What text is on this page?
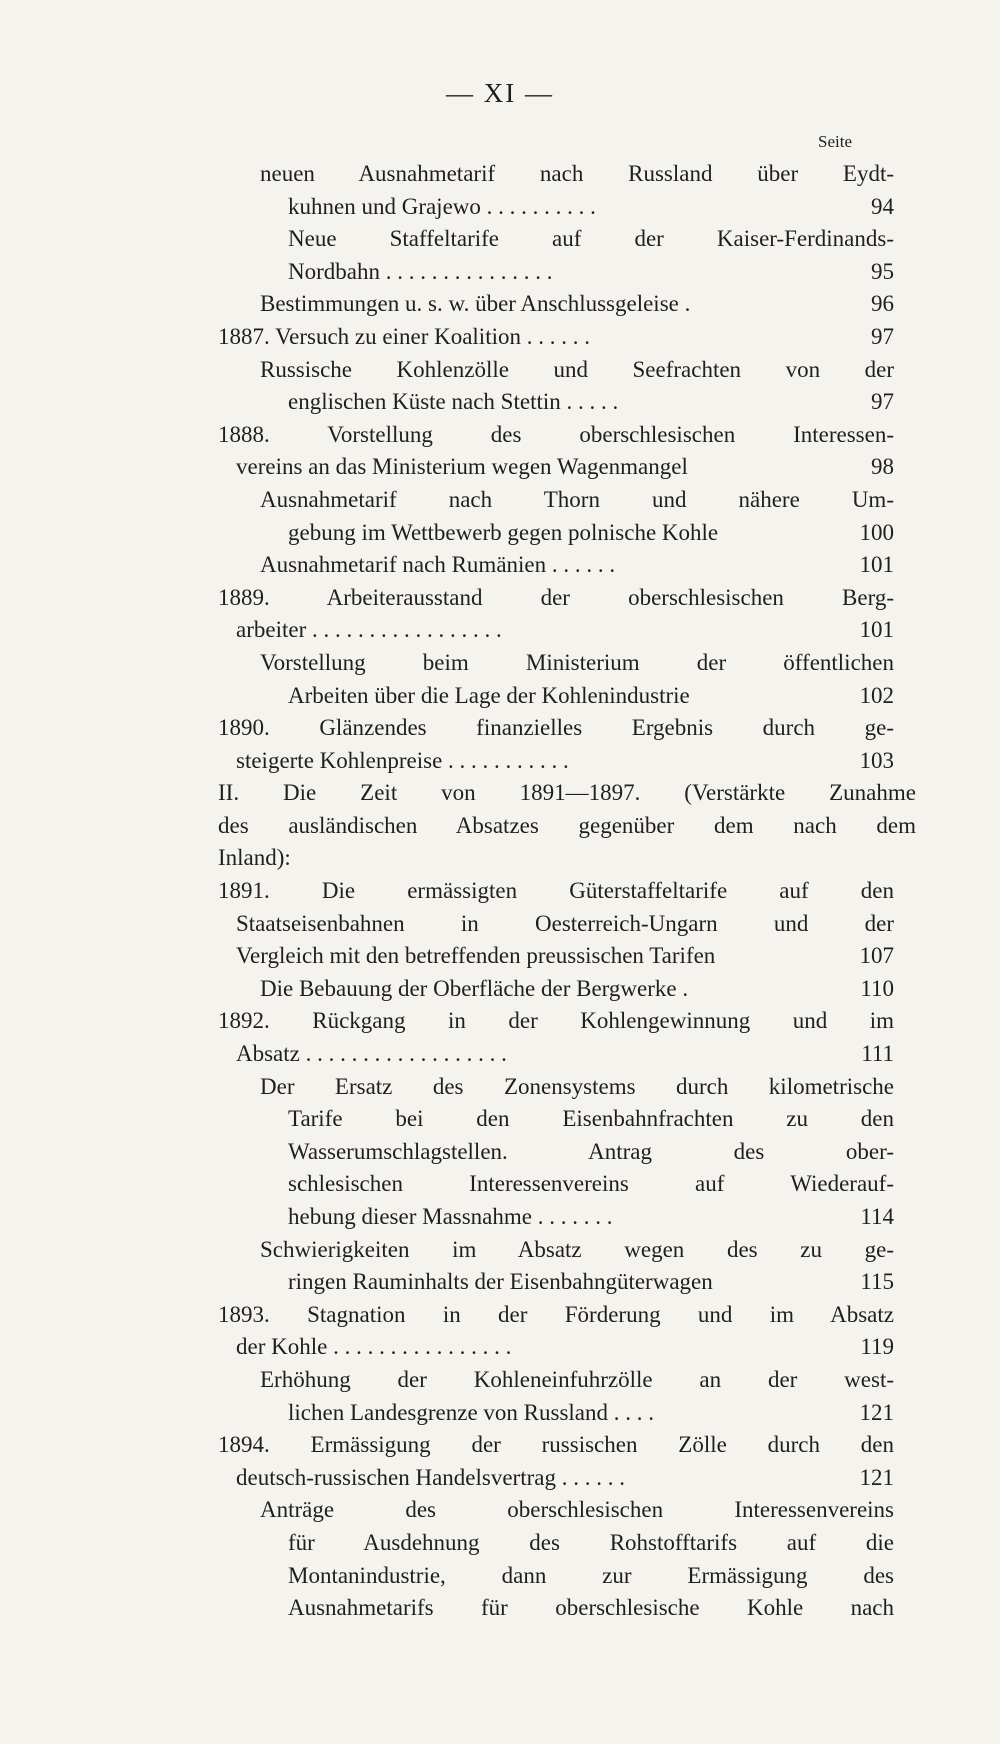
— XI —
Seite
neuen Ausnahmetarif nach Russland über Eydt-
kuhnen und Grajewo . . . . . . . . . .	94
Neue Staffeltarife auf der Kaiser-Ferdinands-
Nordbahn . . . . . . . . . . . . . . .	95
Bestimmungen u. s. w. über Anschlussgeleise .	96
1887. Versuch zu einer Koalition . . . . . .	97
Russische Kohlenzölle und Seefrachten von der
englischen Küste nach Stettin . . . . .	97
1888. Vorstellung des oberschlesischen Interessen-
vereins an das Ministerium wegen Wagenmangel	98
Ausnahmetarif nach Thorn und nähere Um-
gebung im Wettbewerb gegen polnische Kohle	100
Ausnahmetarif nach Rumänien . . . . . .	101
1889. Arbeiterausstand der oberschlesischen Berg-
arbeiter . . . . . . . . . . . . . . . . .	101
Vorstellung beim Ministerium der öffentlichen
Arbeiten über die Lage der Kohlenindustrie	102
1890. Glänzendes finanzielles Ergebnis durch ge-
steigerte Kohlenpreise . . . . . . . . . . .	103
II. Die Zeit von 1891—1897. (Verstärkte Zunahme
des ausländischen Absatzes gegenüber dem nach dem
Inland):
1891. Die ermässigten Güterstaffeltarife auf den
Staatseisenbahnen in Oesterreich-Ungarn und der
Vergleich mit den betreffenden preussischen Tarifen	107
Die Bebauung der Oberfläche der Bergwerke .	110
1892. Rückgang in der Kohlengewinnung und im
Absatz . . . . . . . . . . . . . . . . . .	111
Der Ersatz des Zonensystems durch kilometrische
Tarife bei den Eisenbahnfrachten zu den
Wasserumschlagstellen. Antrag des ober-
schlesischen Interessenvereins auf Wiederauf-
hebung dieser Massnahme . . . . . . .	114
Schwierigkeiten im Absatz wegen des zu ge-
ringen Rauminhalts der Eisenbahngüterwagen	115
1893. Stagnation in der Förderung und im Absatz
der Kohle . . . . . . . . . . . . . . . .	119
Erhöhung der Kohleneinfuhrzölle an der west-
lichen Landesgrenze von Russland . . . .	121
1894. Ermässigung der russischen Zölle durch den
deutsch-russischen Handelsvertrag . . . . . .	121
Anträge des oberschlesischen Interessenvereins
für Ausdehnung des Rohstofftarifs auf die
Montanindustrie, dann zur Ermässigung des
Ausnahmetarifs für oberschlesische Kohle nach
